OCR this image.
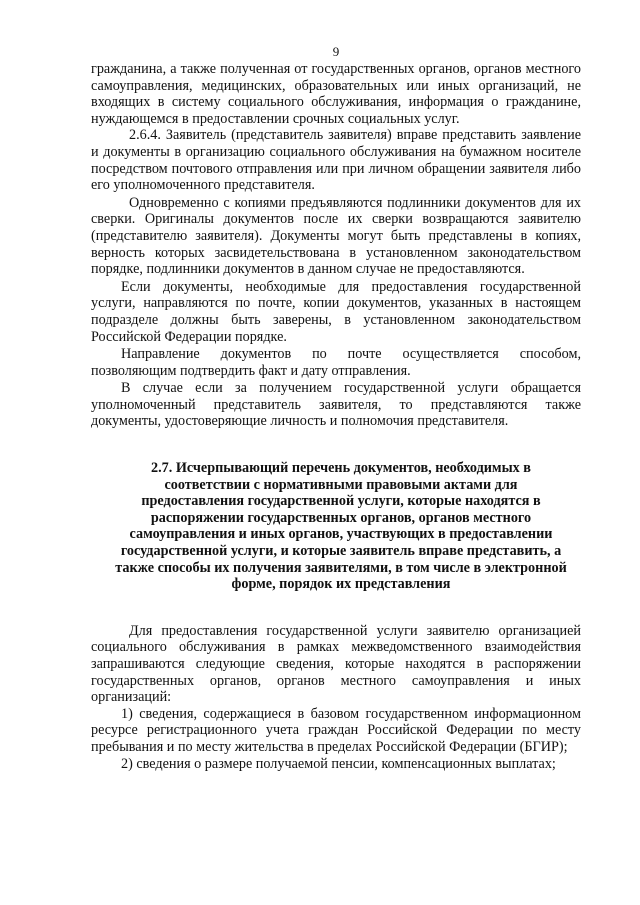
9

гражданина, а также полученная от государственных органов, органов местного самоуправления, медицинских, образовательных или иных организаций, не входящих в систему социального обслуживания, информация о гражданине, нуждающемся в предоставлении срочных социальных услуг.

2.6.4. Заявитель (представитель заявителя) вправе представить заявление и документы в организацию социального обслуживания на бумажном носителе посредством почтового отправления или при личном обращении заявителя либо его уполномоченного представителя.

Одновременно с копиями предъявляются подлинники документов для их сверки. Оригиналы документов после их сверки возвращаются заявителю (представителю заявителя). Документы могут быть представлены в копиях, верность которых засвидетельствована в установленном законодательством порядке, подлинники документов в данном случае не предоставляются.

Если документы, необходимые для предоставления государственной услуги, направляются по почте, копии документов, указанных в настоящем подразделе должны быть заверены, в установленном законодательством Российской Федерации порядке.

Направление документов по почте осуществляется способом, позволяющим подтвердить факт и дату отправления.

В случае если за получением государственной услуги обращается уполномоченный представитель заявителя, то представляются также документы, удостоверяющие личность и полномочия представителя.

2.7. Исчерпывающий перечень документов, необходимых в соответствии с нормативными правовыми актами для предоставления государственной услуги, которые находятся в распоряжении государственных органов, органов местного самоуправления и иных органов, участвующих в предоставлении государственной услуги, и которые заявитель вправе представить, а также способы их получения заявителями, в том числе в электронной форме, порядок их представления

Для предоставления государственной услуги заявителю организацией социального обслуживания в рамках межведомственного взаимодействия запрашиваются следующие сведения, которые находятся в распоряжении государственных органов, органов местного самоуправления и иных организаций:

1) сведения, содержащиеся в базовом государственном информационном ресурсе регистрационного учета граждан Российской Федерации по месту пребывания и по месту жительства в пределах Российской Федерации (БГИР);

2) сведения о размере получаемой пенсии, компенсационных выплатах;
